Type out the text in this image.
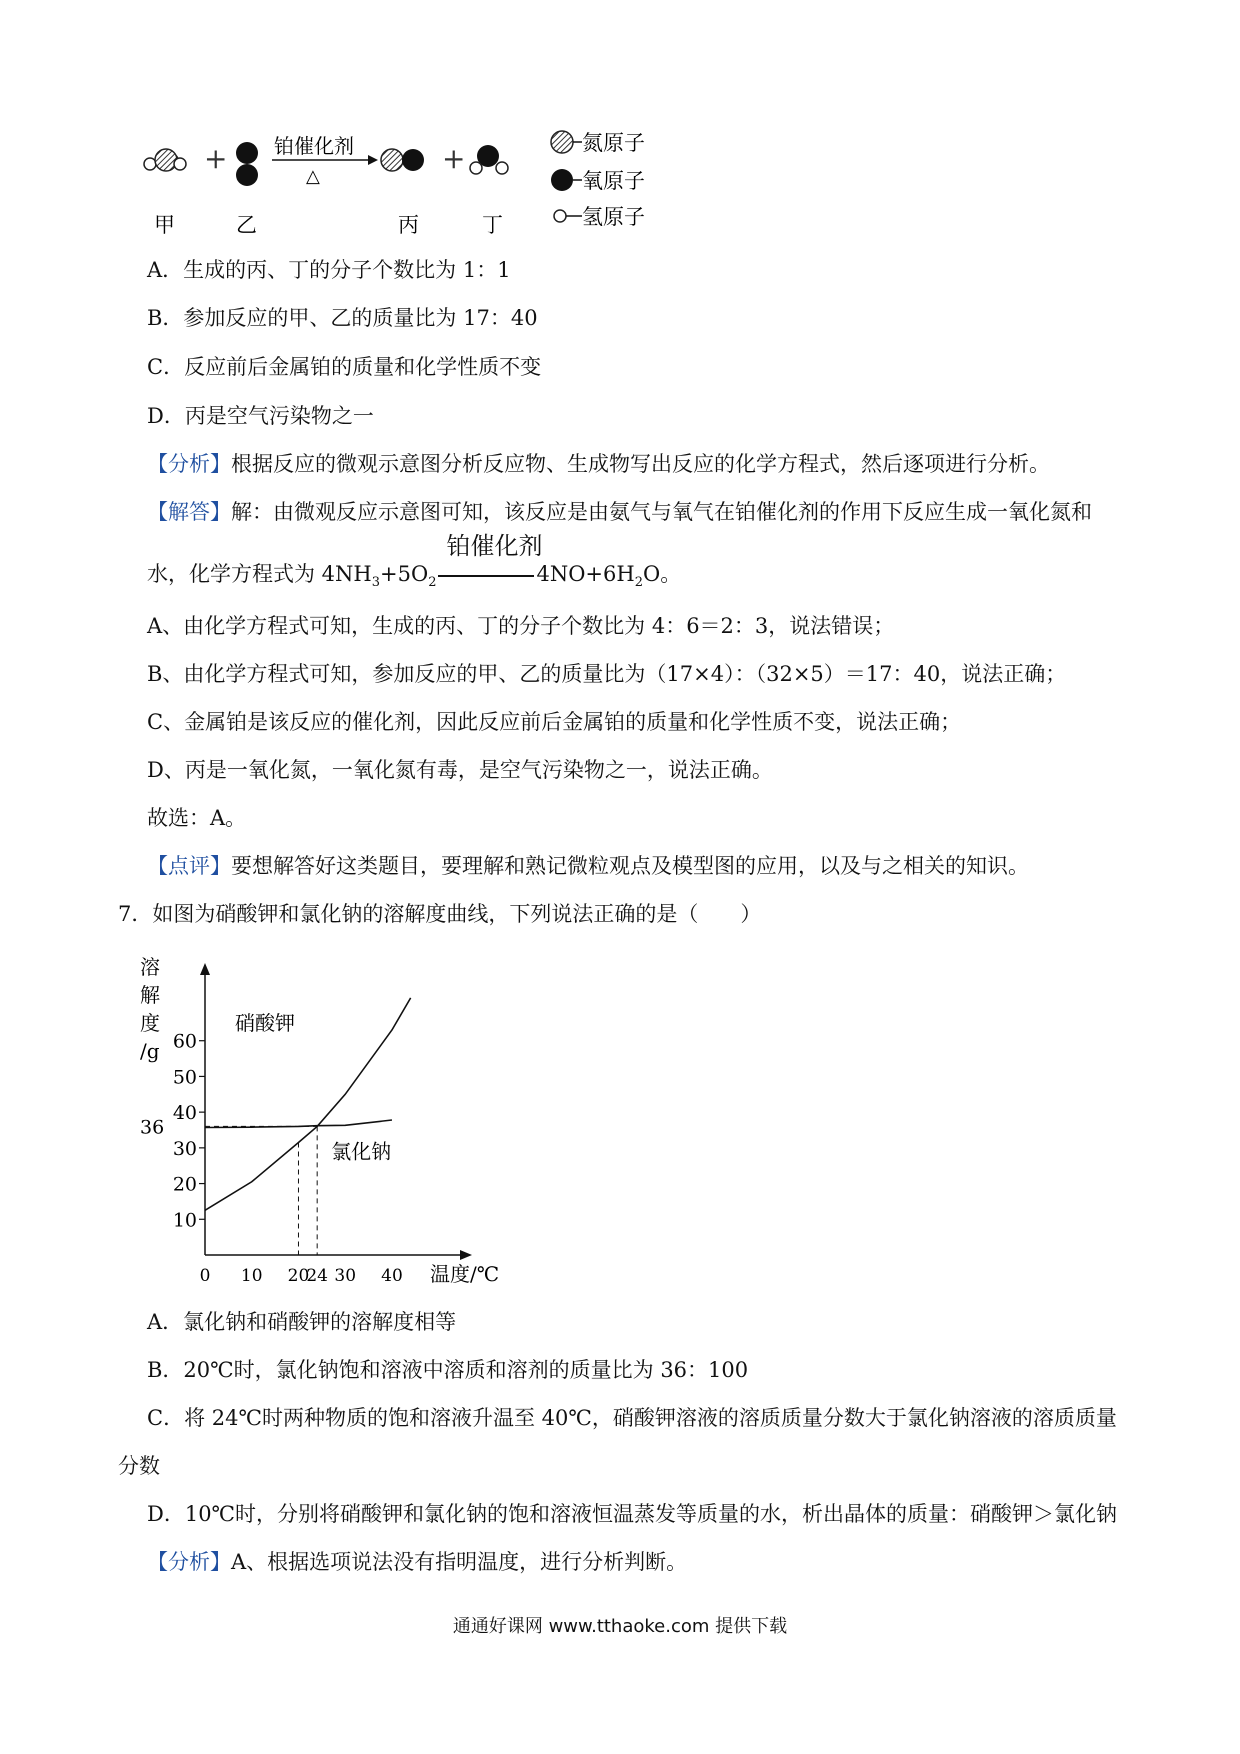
+ 铂催化剂
△
+
甲	乙	丙	丁
氮原子
氧原子
氢原子
A．生成的丙、丁的分子个数比为 1：1
B．参加反应的甲、乙的质量比为 17：40
C．反应前后金属铂的质量和化学性质不变
D．丙是空气污染物之一
【分析】根据反应的微观示意图分析反应物、生成物写出反应的化学方程式，然后逐项进行分析。
【解答】解：由微观反应示意图可知，该反应是由氨气与氧气在铂催化剂的作用下反应生成一氧化氮和
水，化学方程式为 $4NH_3+5O_2$
铂催化剂
$4NO+6H_2O$。
A、由化学方程式可知，生成的丙、丁的分子个数比为 4：6＝2：3，说法错误；
B、由化学方程式可知，参加反应的甲、乙的质量比为（17×4）：（32×5）＝17：40，说法正确；
C、金属铂是该反应的催化剂，因此反应前后金属铂的质量和化学性质不变，说法正确；
D、丙是一氧化氮，一氧化氮有毒，是空气污染物之一，说法正确。
故选：A。
【点评】要想解答好这类题目，要理解和熟记微粒观点及模型图的应用，以及与之相关的知识。
7．如图为硝酸钾和氯化钠的溶解度曲线，下列说法正确的是（　　）
溶
解
度
/g
硝酸钾
氯化钠
10
20
30
40
50
60
36
0 10 20
24 30 40 温度/℃
A．氯化钠和硝酸钾的溶解度相等
B．20℃时，氯化钠饱和溶液中溶质和溶剂的质量比为 36：100
C．将 24℃时两种物质的饱和溶液升温至 40℃，硝酸钾溶液的溶质质量分数大于氯化钠溶液的溶质质量
分数
D．10℃时，分别将硝酸钾和氯化钠的饱和溶液恒温蒸发等质量的水，析出晶体的质量：硝酸钾＞氯化钠
【分析】A、根据选项说法没有指明温度，进行分析判断。
通通好课网 www.tthaoke.com 提供下载
